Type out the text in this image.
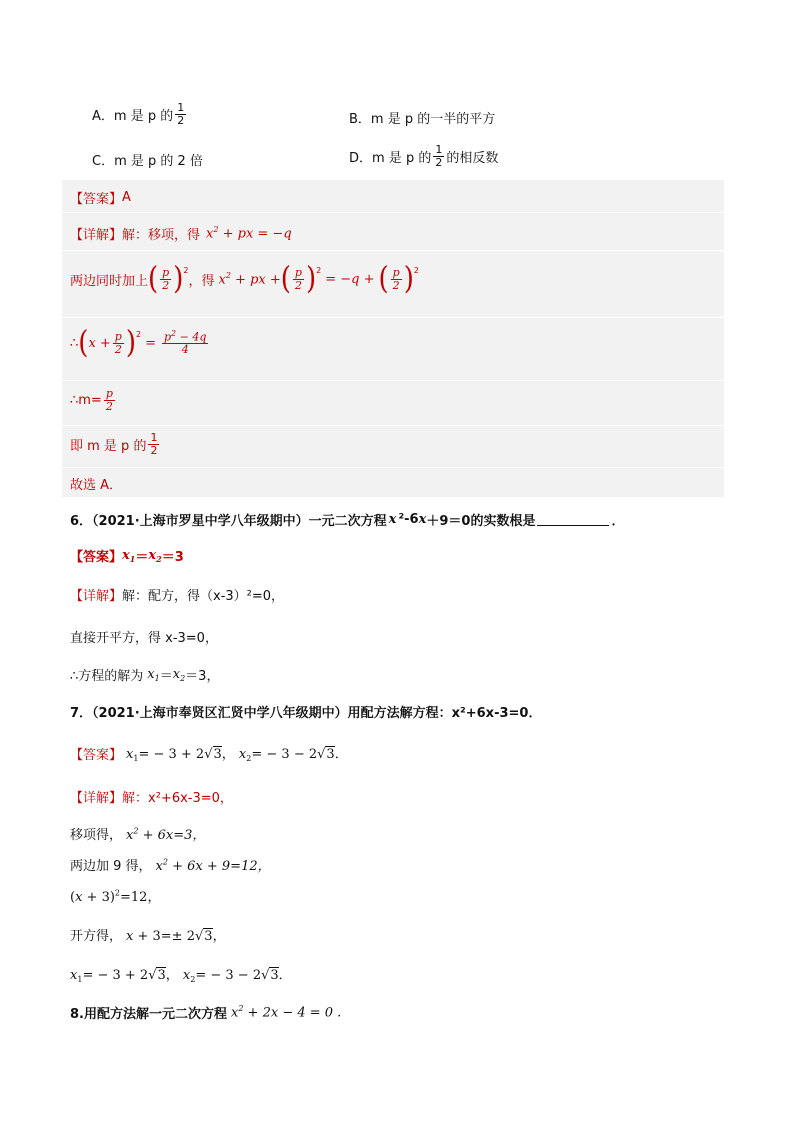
A．m 是 p 的 $\frac{1}{2}$	B．m 是 p 的一半的平方
C．m 是 p 的 2 倍	D．m 是 p 的 $\frac{1}{2}$ 的相反数
【答案】 A
【详解】 解：移项，得 $x^2$ + px = −q
两边同时加上 ( $\frac{p}{2} )^2$
，得 $x^2$ + px + ( $\frac{p}{2} )^2$
= −q + ( $\frac{p}{2} )^2$
∴ ( $x + \frac{p}{2} )^2$
= $\frac{p^2 - 4q}{4}$
∴m= $\frac{p}{2}$
即 m 是 p 的 $\frac{1}{2}$
故选 A．
6．（2021·上海市罗星中学八年级期中）一元二次方程 x ²-6 x ＋9＝0 的实数根是	．
【答案】 $x_1 = x_2 =3$
【详解】 解：配方，得（x-3）²=0，
直接开平方，得 x-3=0，
∴方程的解为 $x_1 = x_2 =3$，
7．（2021·上海市奉贤区汇贤中学八年级期中）用配方法解方程：x²+6x-3=0．
【答案】 $x_1= - 3 + 2√3$， $x_2= - 3 - 2√3$．
【详解】 解：x²+6x-3=0，
移项得， $x^2 + 6x=3$，
两边加 9 得， $x^2 + 6x + 9=12$，
$(x + 3)^2=12$，
开方得， x + 3=± 2√3，
$x_1= - 3 + 2√3$， $x_2= - 3 - 2√3$．
8.用配方法解一元二次方程 $x^2 + 2x - 4 = 0$ .
